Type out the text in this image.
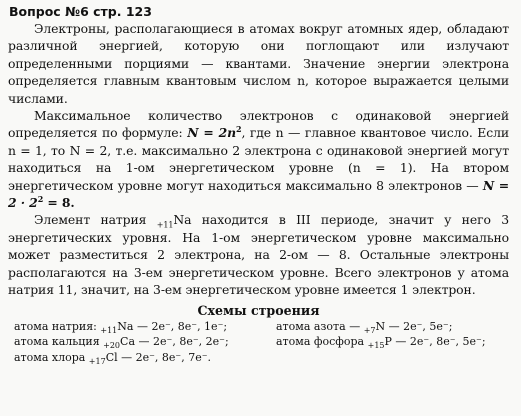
Вопрос №6 стр. 123

Электроны, располагающиеся в атомах вокруг атомных ядер, обладают различной энергией, которую они поглощают или излучают определенными порциями — квантами. Значение энергии электрона определяется главным квантовым числом n, которое выражается целыми числами.

Максимальное количество электронов с одинаковой энергией определяется по формуле: $N = 2n^2$, где n — главное квантовое число. Если n = 1, то N = 2, т.е. максимально 2 электрона с одинаковой энергией могут находиться на 1-ом энергетическом уровне (n = 1). На втором энергетическом уровне могут находиться максимально 8 электронов — $N = 2 \cdot 2^2 = 8$.

Элемент натрия $_{+11}$Na находится в III периоде, значит у него 3 энергетических уровня. На 1-ом энергетическом уровне максимально может разместиться 2 электрона, на 2-ом — 8. Остальные электроны располагаются на 3-ем энергетическом уровне. Всего электронов у атома натрия 11, значит, на 3-ем энергетическом уровне имеется 1 электрон.

Схемы строения
атома натрия: $_{+11}$Na — 2e⁻, 8e⁻, 1e⁻;	атома азота — $_{+7}$N — 2e⁻, 5e⁻;
атома кальция $_{+20}$Ca — 2e⁻, 8e⁻, 2e⁻;	атома фосфора $_{+15}$P — 2e⁻, 8e⁻, 5e⁻;
атома хлора $_{+17}$Cl — 2e⁻, 8e⁻, 7e⁻.
